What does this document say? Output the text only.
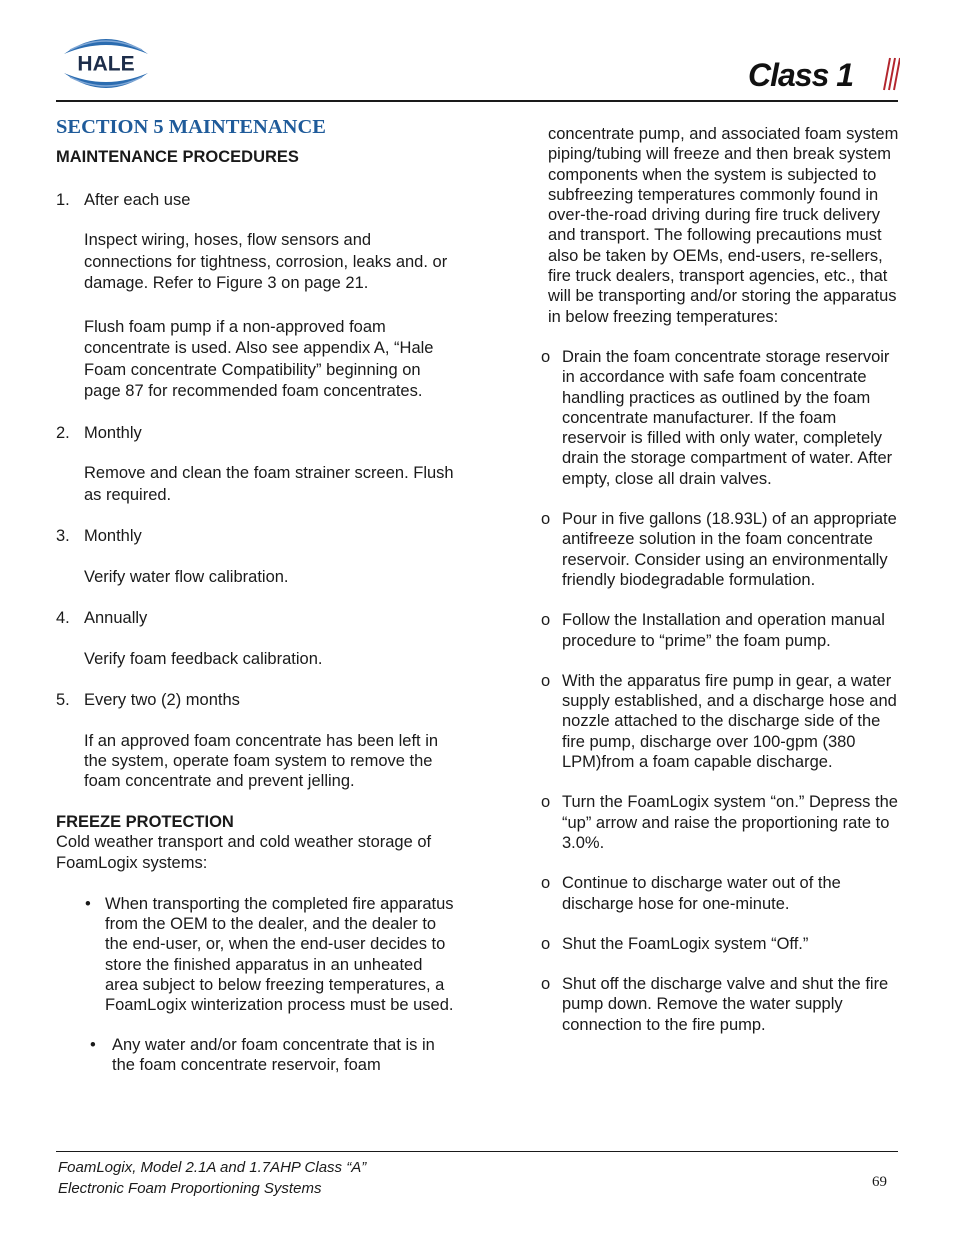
HALE	Class 1
SECTION 5 MAINTENANCE
MAINTENANCE PROCEDURES
1. After each use
Inspect wiring, hoses, flow sensors and connections for tightness, corrosion, leaks and. or damage. Refer to Figure 3 on page 21.
Flush foam pump if a non-approved foam concentrate is used. Also see appendix A, “Hale Foam concentrate Compatibility” beginning on page 87 for recommended foam concentrates.
2. Monthly
Remove and clean the foam strainer screen. Flush as required.
3. Monthly
Verify water flow calibration.
4. Annually
Verify foam feedback calibration.
5. Every two (2) months
If an approved foam concentrate has been left in the system, operate foam system to remove the foam concentrate and prevent jelling.
FREEZE PROTECTION
Cold weather transport and cold weather storage of FoamLogix systems:
• When transporting the completed fire apparatus from the OEM to the dealer, and the dealer to the end-user, or, when the end-user decides to store the finished apparatus in an unheated area subject to below freezing temperatures, a FoamLogix winterization process must be used.
• Any water and/or foam concentrate that is in the foam concentrate reservoir, foam
concentrate pump, and associated foam system piping/tubing will freeze and then break system components when the system is subjected to subfreezing temperatures commonly found in over-the-road driving during fire truck delivery and transport. The following precautions must also be taken by OEMs, end-users, re-sellers, fire truck dealers, transport agencies, etc., that will be transporting and/or storing the apparatus in below freezing temperatures:
o Drain the foam concentrate storage reservoir in accordance with safe foam concentrate handling practices as outlined by the foam concentrate manufacturer. If the foam reservoir is filled with only water, completely drain the storage compartment of water. After empty, close all drain valves.
o Pour in five gallons (18.93L) of an appropriate antifreeze solution in the foam concentrate reservoir. Consider using an environmentally friendly biodegradable formulation.
o Follow the Installation and operation manual procedure to “prime” the foam pump.
o With the apparatus fire pump in gear, a water supply established, and a discharge hose and nozzle attached to the discharge side of the fire pump, discharge over 100-gpm (380 LPM)from a foam capable discharge.
o Turn the FoamLogix system “on.” Depress the “up” arrow and raise the proportioning rate to 3.0%.
o Continue to discharge water out of the discharge hose for one-minute.
o Shut the FoamLogix system “Off.”
o Shut off the discharge valve and shut the fire pump down. Remove the water supply connection to the fire pump.
FoamLogix, Model 2.1A and 1.7AHP Class “A”
Electronic Foam Proportioning Systems	69
